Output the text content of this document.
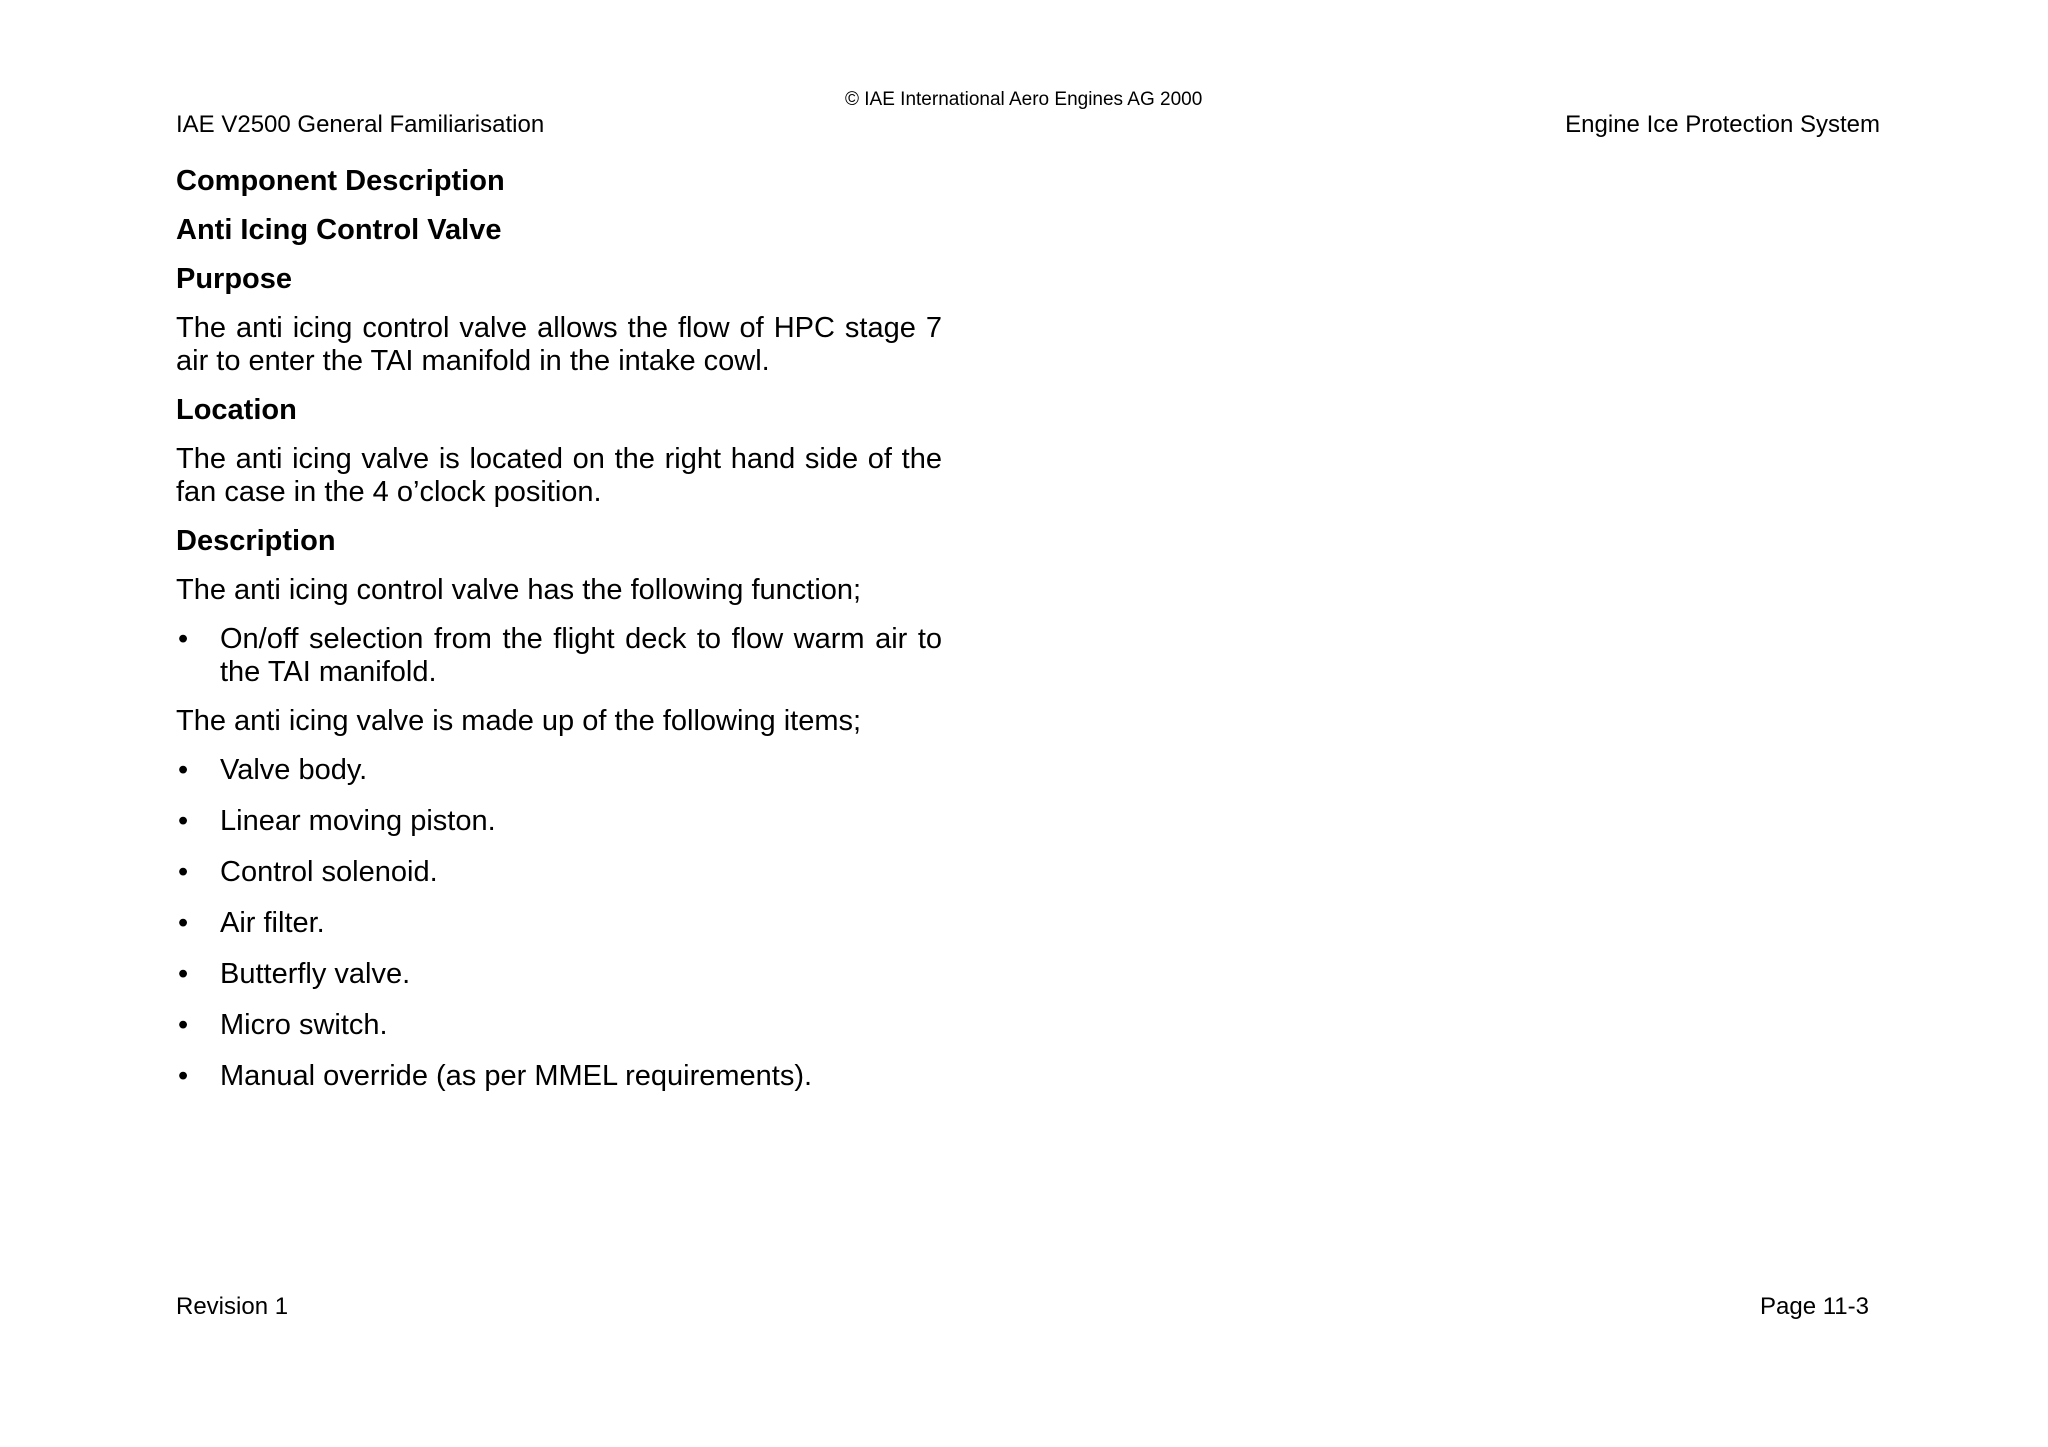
© IAE International Aero Engines AG 2000
IAE V2500 General Familiarisation	Engine Ice Protection System
Component Description
Anti Icing Control Valve
Purpose
The anti icing control valve allows the flow of HPC stage 7 air to enter the TAI manifold in the intake cowl.
Location
The anti icing valve is located on the right hand side of the fan case in the 4 o’clock position.
Description
The anti icing control valve has the following function;
• On/off selection from the flight deck to flow warm air to the TAI manifold.
The anti icing valve is made up of the following items;
• Valve body.
• Linear moving piston.
• Control solenoid.
• Air filter.
• Butterfly valve.
• Micro switch.
• Manual override (as per MMEL requirements).
Revision 1	Page 11-3
